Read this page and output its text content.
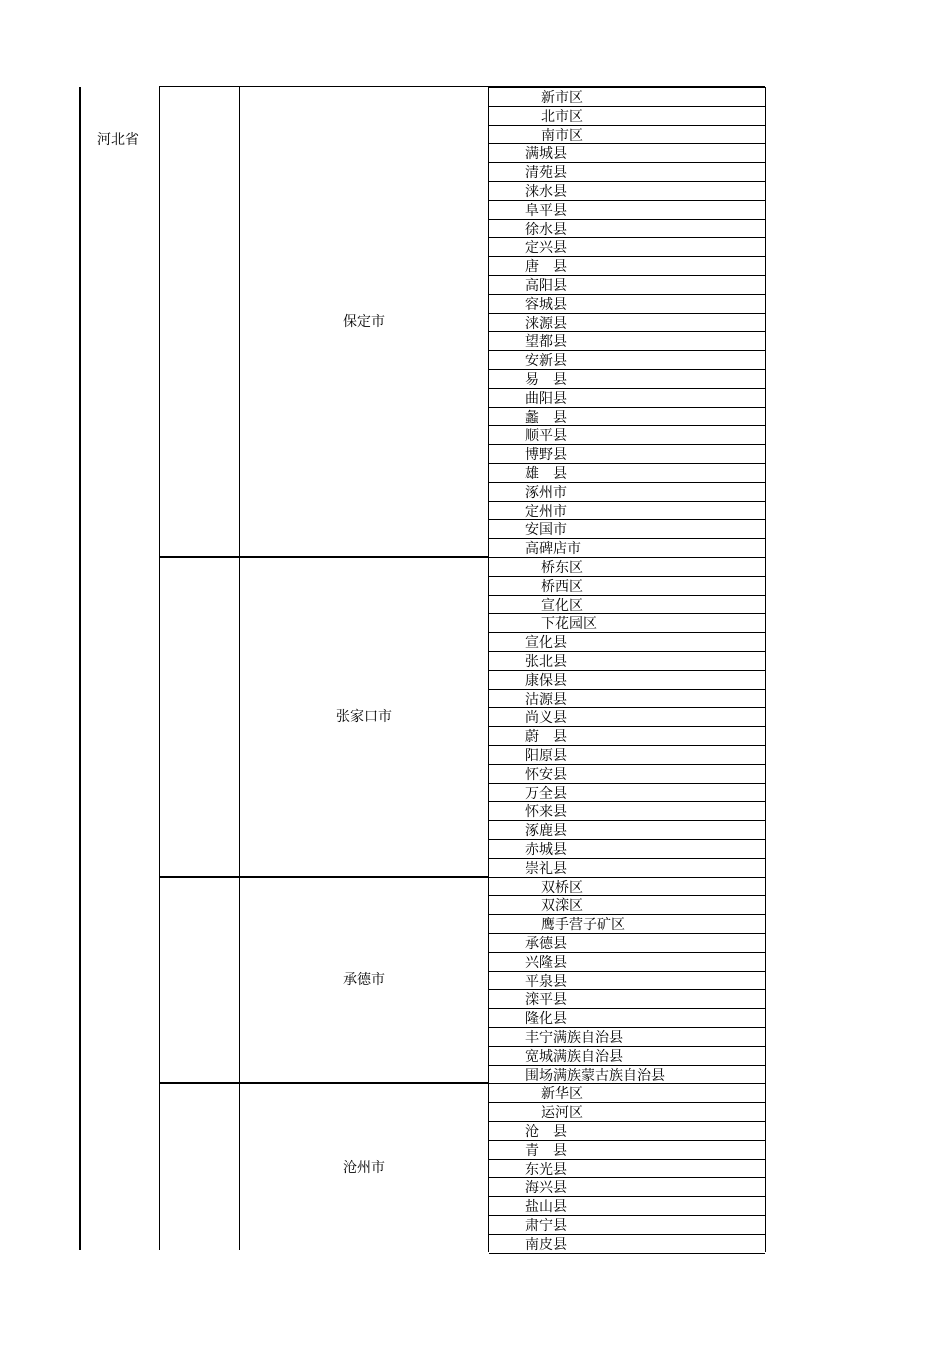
河北省
保定市
新市区
北市区
南市区
满城县
清苑县
涞水县
阜平县
徐水县
定兴县
唐　县
高阳县
容城县
涞源县
望都县
安新县
易　县
曲阳县
蠡　县
顺平县
博野县
雄　县
涿州市
定州市
安国市
高碑店市
张家口市
桥东区
桥西区
宣化区
下花园区
宣化县
张北县
康保县
沽源县
尚义县
蔚　县
阳原县
怀安县
万全县
怀来县
涿鹿县
赤城县
崇礼县
承德市
双桥区
双滦区
鹰手营子矿区
承德县
兴隆县
平泉县
滦平县
隆化县
丰宁满族自治县
宽城满族自治县
围场满族蒙古族自治县
沧州市
新华区
运河区
沧　县
青　县
东光县
海兴县
盐山县
肃宁县
南皮县
